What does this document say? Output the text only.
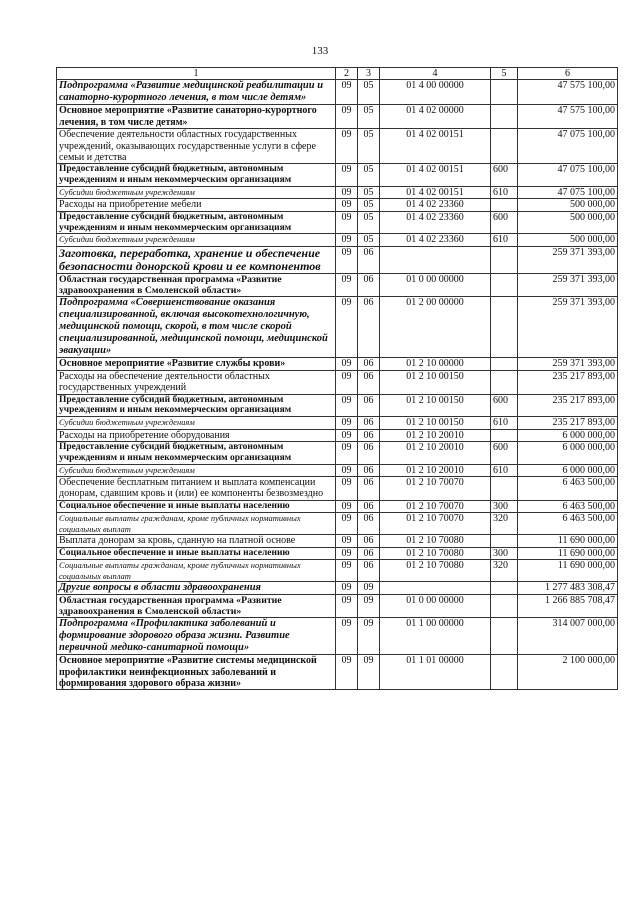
133
1	2	3	4	5	6
Подпрограмма «Развитие медицинской реабилитации и санаторно-курортного лечения, в том числе детям»	09	05	01 4 00 00000		47 575 100,00
Основное мероприятие «Развитие санаторно-курортного лечения, в том числе детям»	09	05	01 4 02 00000		47 575 100,00
Обеспечение деятельности областных государственных учреждений, оказывающих государственные услуги в сфере семьи и детства	09	05	01 4 02 00151		47 075 100,00
Предоставление субсидий бюджетным, автономным учреждениям и иным некоммерческим организациям	09	05	01 4 02 00151	600	47 075 100,00
Субсидии бюджетным учреждениям	09	05	01 4 02 00151	610	47 075 100,00
Расходы на приобретение мебели	09	05	01 4 02 23360		500 000,00
Предоставление субсидий бюджетным, автономным учреждениям и иным некоммерческим организациям	09	05	01 4 02 23360	600	500 000,00
Субсидии бюджетным учреждениям	09	05	01 4 02 23360	610	500 000,00
Заготовка, переработка, хранение и обеспечение безопасности донорской крови и ее компонентов	09	06			259 371 393,00
Областная государственная программа «Развитие здравоохранения в Смоленской области»	09	06	01 0 00 00000		259 371 393,00
Подпрограмма «Совершенствование оказания специализированной, включая высокотехнологичную, медицинской помощи, скорой, в том числе скорой специализированной, медицинской помощи, медицинской эвакуации»	09	06	01 2 00 00000		259 371 393,00
Основное мероприятие «Развитие службы крови»	09	06	01 2 10 00000		259 371 393,00
Расходы на обеспечение деятельности областных государственных учреждений	09	06	01 2 10 00150		235 217 893,00
Предоставление субсидий бюджетным, автономным учреждениям и иным некоммерческим организациям	09	06	01 2 10 00150	600	235 217 893,00
Субсидии бюджетным учреждениям	09	06	01 2 10 00150	610	235 217 893,00
Расходы на приобретение оборудования	09	06	01 2 10 20010		6 000 000,00
Предоставление субсидий бюджетным, автономным учреждениям и иным некоммерческим организациям	09	06	01 2 10 20010	600	6 000 000,00
Субсидии бюджетным учреждениям	09	06	01 2 10 20010	610	6 000 000,00
Обеспечение бесплатным питанием и выплата компенсации донорам, сдавшим кровь и (или) ее компоненты безвозмездно	09	06	01 2 10 70070		6 463 500,00
Социальное обеспечение и иные выплаты населению	09	06	01 2 10 70070	300	6 463 500,00
Социальные выплаты гражданам, кроме публичных нормативных социальных выплат	09	06	01 2 10 70070	320	6 463 500,00
Выплата донорам за кровь, сданную на платной основе	09	06	01 2 10 70080		11 690 000,00
Социальное обеспечение и иные выплаты населению	09	06	01 2 10 70080	300	11 690 000,00
Социальные выплаты гражданам, кроме публичных нормативных социальных выплат	09	06	01 2 10 70080	320	11 690 000,00
Другие вопросы в области здравоохранения	09	09			1 277 483 308,47
Областная государственная программа «Развитие здравоохранения в Смоленской области»	09	09	01 0 00 00000		1 266 885 708,47
Подпрограмма «Профилактика заболеваний и формирование здорового образа жизни. Развитие первичной медико-санитарной помощи»	09	09	01 1 00 00000		314 007 000,00
Основное мероприятие «Развитие системы медицинской профилактики неинфекционных заболеваний и формирования здорового образа жизни»	09	09	01 1 01 00000		2 100 000,00
